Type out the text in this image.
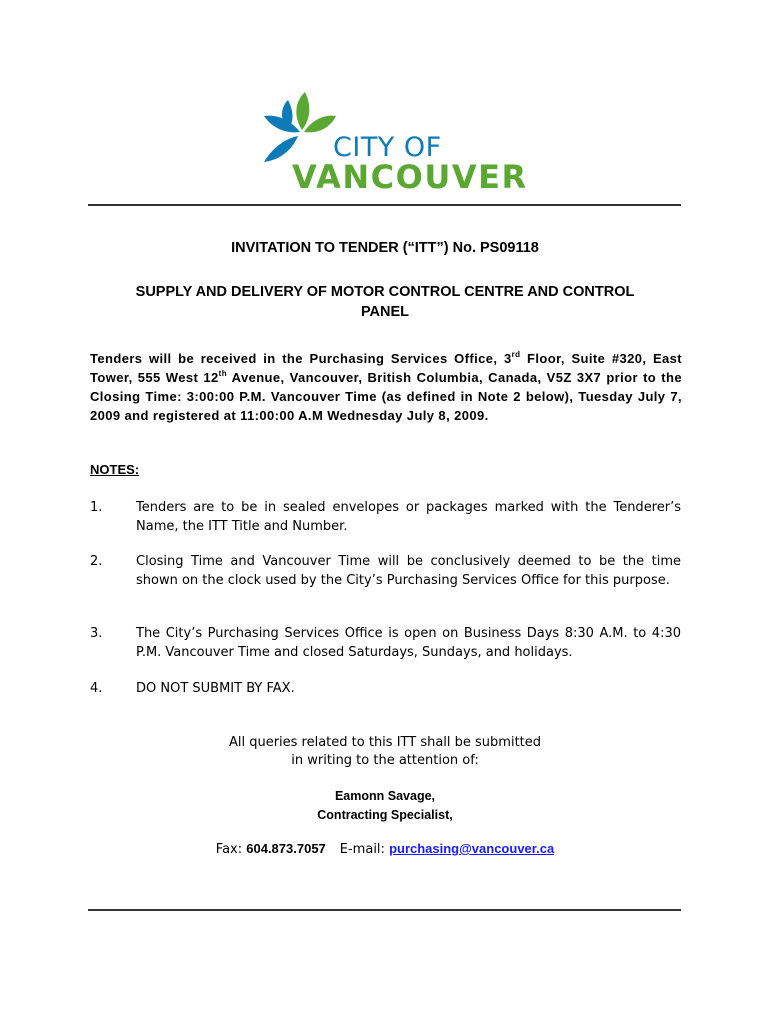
CITY OF
VANCOUVER
INVITATION TO TENDER (“ITT”) No. PS09118
SUPPLY AND DELIVERY OF MOTOR CONTROL CENTRE AND CONTROL
PANEL
Tenders will be received in the Purchasing Services Office, 3rd Floor, Suite #320, East Tower, 555 West 12th Avenue, Vancouver, British Columbia, Canada, V5Z 3X7 prior to the Closing Time: 3:00:00 P.M. Vancouver Time (as defined in Note 2 below), Tuesday July 7, 2009 and registered at 11:00:00 A.M Wednesday July 8, 2009.
NOTES:
1.	Tenders are to be in sealed envelopes or packages marked with the Tenderer’s Name, the ITT Title and Number.
2.	Closing Time and Vancouver Time will be conclusively deemed to be the time shown on the clock used by the City’s Purchasing Services Office for this purpose.
3.	The City’s Purchasing Services Office is open on Business Days 8:30 A.M. to 4:30 P.M. Vancouver Time and closed Saturdays, Sundays, and holidays.
4.	DO NOT SUBMIT BY FAX.
All queries related to this ITT shall be submitted
in writing to the attention of:
Eamonn Savage,
Contracting Specialist,
Fax: 604.873.7057 E-mail: purchasing@vancouver.ca
